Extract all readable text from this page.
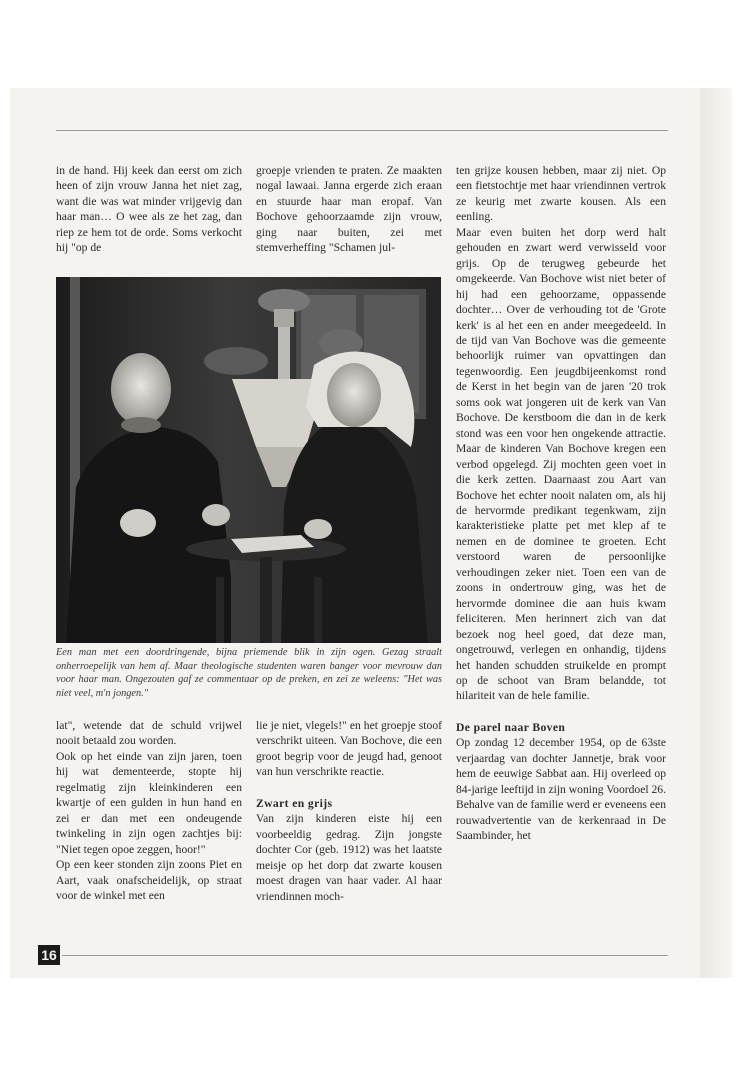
in de hand. Hij keek dan eerst om zich heen of zijn vrouw Janna het niet zag, want die was wat minder vrijgevig dan haar man… O wee als ze het zag, dan riep ze hem tot de orde. Soms verkocht hij "op de

groepje vrienden te praten. Ze maakten nogal lawaai. Janna ergerde zich eraan en stuurde haar man eropaf. Van Bochove gehoorzaamde zijn vrouw, ging naar buiten, zei met stemverheffing "Schamen jul-

Een man met een doordringende, bijna priemende blik in zijn ogen. Gezag straalt onherroepelijk van hem af. Maar theologische studenten waren banger voor mevrouw dan voor haar man. Ongezouten gaf ze commentaar op de preken, en zei ze weleens: "Het was niet veel, m'n jongen."

lat", wetende dat de schuld vrijwel nooit betaald zou worden.

Ook op het einde van zijn jaren, toen hij wat dementeerde, stopte hij regelmatig zijn kleinkinderen een kwartje of een gulden in hun hand en zei er dan met een ondeugende twinkeling in zijn ogen zachtjes bij: "Niet tegen opoe zeggen, hoor!"

Op een keer stonden zijn zoons Piet en Aart, vaak onafscheidelijk, op straat voor de winkel met een

lie je niet, vlegels!" en het groepje stoof verschrikt uiteen. Van Bochove, die een groot begrip voor de jeugd had, genoot van hun verschrikte reactie.

Zwart en grijs

Van zijn kinderen eiste hij een voorbeeldig gedrag. Zijn jongste dochter Cor (geb. 1912) was het laatste meisje op het dorp dat zwarte kousen moest dragen van haar vader. Al haar vriendinnen moch-

ten grijze kousen hebben, maar zij niet. Op een fietstochtje met haar vriendinnen vertrok ze keurig met zwarte kousen. Als een eenling.

Maar even buiten het dorp werd halt gehouden en zwart werd verwisseld voor grijs. Op de terugweg gebeurde het omgekeerde. Van Bochove wist niet beter of hij had een gehoorzame, oppassende dochter… Over de verhouding tot de 'Grote kerk' is al het een en ander meegedeeld. In de tijd van Van Bochove was die gemeente behoorlijk ruimer van opvattingen dan tegenwoordig. Een jeugdbijeenkomst rond de Kerst in het begin van de jaren '20 trok soms ook wat jongeren uit de kerk van Van Bochove. De kerstboom die dan in de kerk stond was een voor hen ongekende attractie. Maar de kinderen Van Bochove kregen een verbod opgelegd. Zij mochten geen voet in die kerk zetten. Daarnaast zou Aart van Bochove het echter nooit nalaten om, als hij de hervormde predikant tegenkwam, zijn karakteristieke platte pet met klep af te nemen en de dominee te groeten. Echt verstoord waren de persoonlijke verhoudingen zeker niet. Toen een van de zoons in ondertrouw ging, was het de hervormde dominee die aan huis kwam feliciteren. Men herinnert zich van dat bezoek nog heel goed, dat deze man, ongetrouwd, verlegen en onhandig, tijdens het handen schudden struikelde en prompt op de schoot van Bram belandde, tot hilariteit van de hele familie.

De parel naar Boven

Op zondag 12 december 1954, op de 63ste verjaardag van dochter Jannetje, brak voor hem de eeuwige Sabbat aan. Hij overleed op 84-jarige leeftijd in zijn woning Voordoel 26. Behalve van de familie werd er eveneens een rouwadvertentie van de kerkenraad in De Saambinder, het

16
